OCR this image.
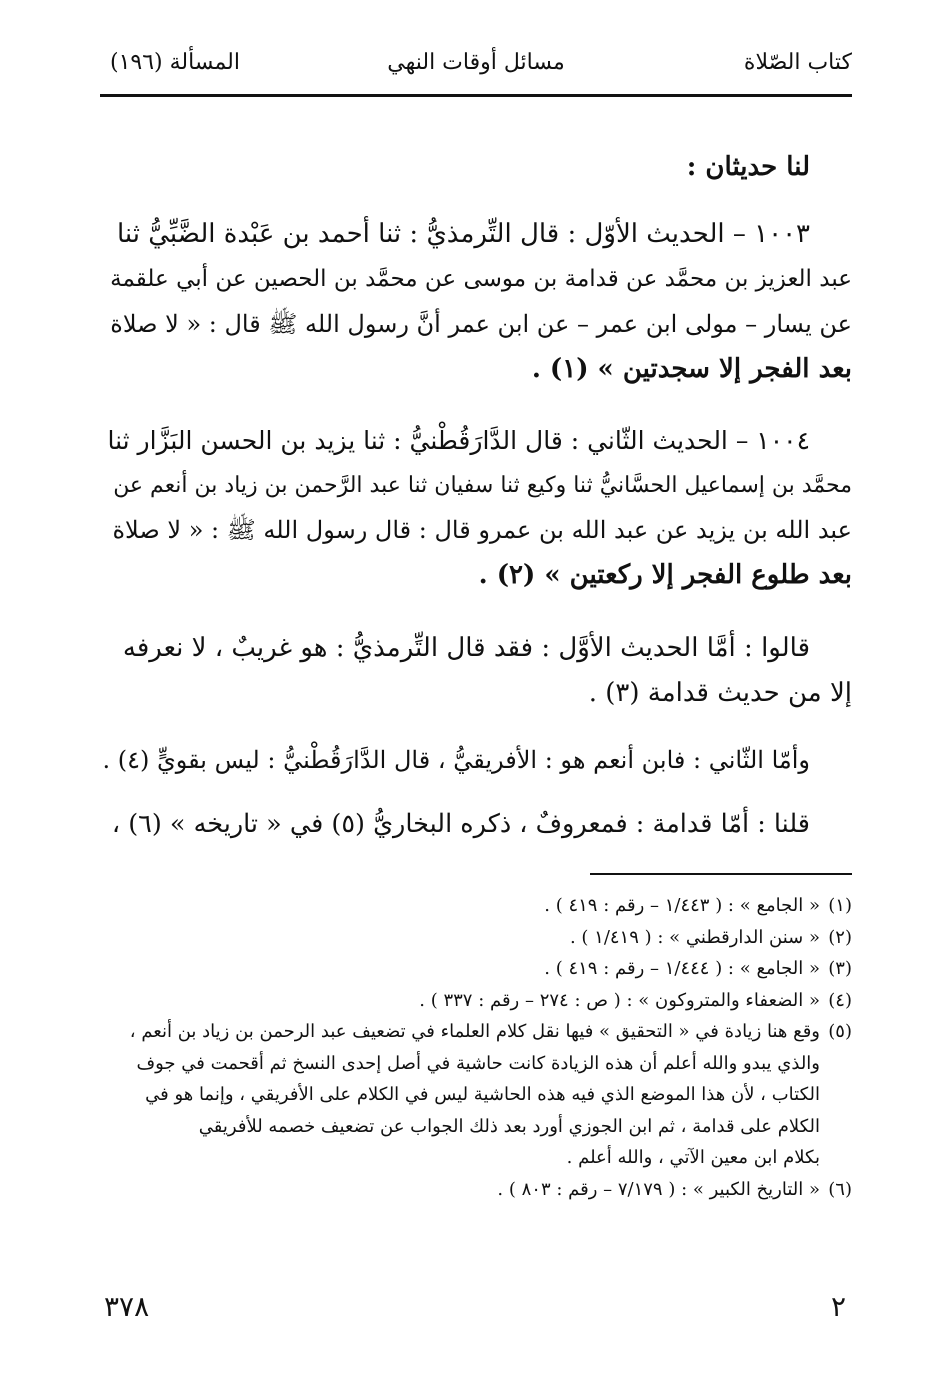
كتاب الصّلاة
مسائل أوقات النهي
المسألة (١٩٦)
لنا حديثان :
١٠٠٣ – الحديث الأوّل : قال التِّرمذيُّ : ثنا أحمد بن عَبْدة الضَّبِّيُّ ثنا
عبد العزيز بن محمَّد عن قدامة بن موسى عن محمَّد بن الحصين عن أبي علقمة
عن يسار – مولى ابن عمر – عن ابن عمر أنَّ رسول الله ﷺ قال : « لا صلاة
بعد الفجر إلا سجدتين » (١) .
١٠٠٤ – الحديث الثّاني : قال الدَّارَقُطْنيُّ : ثنا يزيد بن الحسن البَزَّار ثنا
محمَّد بن إسماعيل الحسَّانيُّ ثنا وكيع ثنا سفيان ثنا عبد الرَّحمن بن زياد بن أنعم عن
عبد الله بن يزيد عن عبد الله بن عمرو قال : قال رسول الله ﷺ : « لا صلاة
بعد طلوع الفجر إلا ركعتين » (٢) .
قالوا : أمَّا الحديث الأوَّل : فقد قال التِّرمذيُّ : هو غريبٌ ، لا نعرفه
إلا من حديث قدامة (٣) .
وأمّا الثّاني : فابن أنعم هو : الأفريقيُّ ، قال الدَّارَقُطْنيُّ : ليس بقويٍّ (٤) .
قلنا : أمّا قدامة : فمعروفٌ ، ذكره البخاريُّ (٥) في « تاريخه » (٦) ،
(١)« الجامع » : ( ١/٤٤٣ – رقم : ٤١٩ ) .
(٢)« سنن الدارقطني » : ( ١/٤١٩ ) .
(٣)« الجامع » : ( ١/٤٤٤ – رقم : ٤١٩ ) .
(٤)« الضعفاء والمتروكون » : ( ص : ٢٧٤ – رقم : ٣٣٧ ) .
(٥)وقع هنا زيادة في « التحقيق » فيها نقل كلام العلماء في تضعيف عبد الرحمن بن زياد بن أنعم ،
والذي يبدو والله أعلم أن هذه الزيادة كانت حاشية في أصل إحدى النسخ ثم أقحمت في جوف
الكتاب ، لأن هذا الموضع الذي فيه هذه الحاشية ليس في الكلام على الأفريقي ، وإنما هو في
الكلام على قدامة ، ثم ابن الجوزي أورد بعد ذلك الجواب عن تضعيف خصمه للأفريقي
بكلام ابن معين الآتي ، والله أعلم .
(٦)« التاريخ الكبير » : ( ٧/١٧٩ – رقم : ٨٠٣ ) .
٢
٣٧٨
